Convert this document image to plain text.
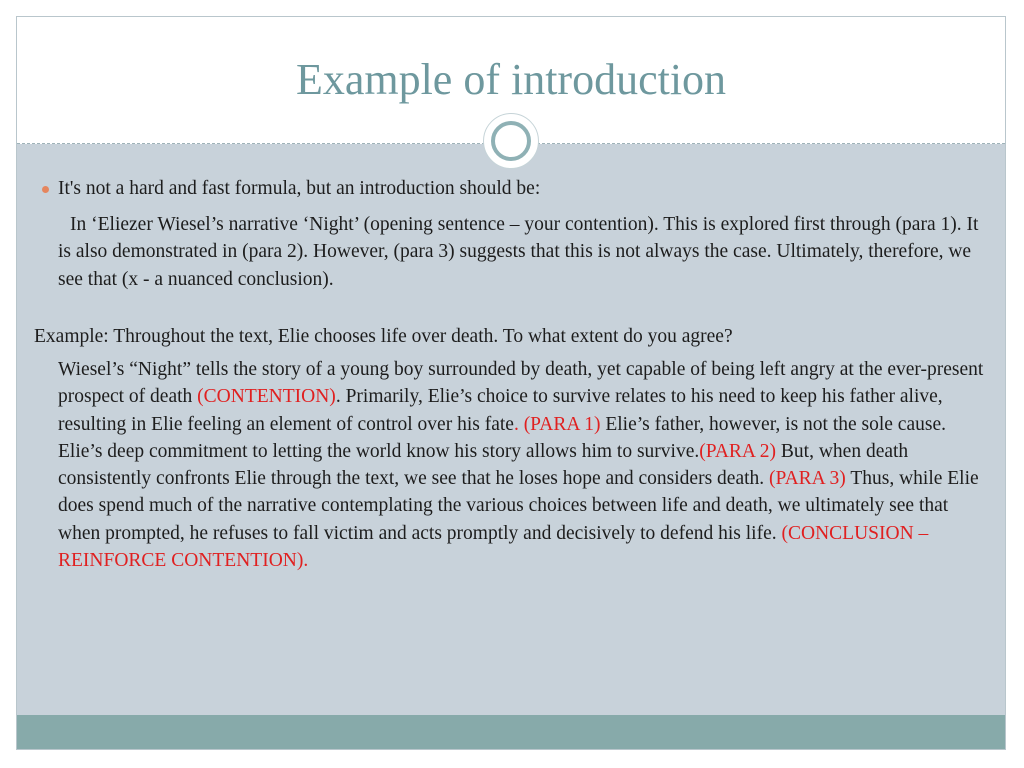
Example of introduction

It's not a hard and fast formula, but an introduction should be:

In ‘Eliezer Wiesel’s narrative ‘Night’ (opening sentence – your contention). This is explored first through (para 1). It is also demonstrated in (para 2). However, (para 3) suggests that this is not always the case. Ultimately, therefore, we see that (x - a nuanced conclusion).

Example: Throughout the text, Elie chooses life over death. To what extent do you agree?

Wiesel’s “Night” tells the story of a young boy surrounded by death, yet capable of being left angry at the ever-present prospect of death (CONTENTION). Primarily, Elie’s choice to survive relates to his need to keep his father alive, resulting in Elie feeling an element of control over his fate. (PARA 1) Elie’s father, however, is not the sole cause. Elie’s deep commitment to letting the world know his story allows him to survive.(PARA 2) But, when death consistently confronts Elie through the text, we see that he loses hope and considers death. (PARA 3) Thus, while Elie does spend much of the narrative contemplating the various choices between life and death, we ultimately see that when prompted, he refuses to fall victim and acts promptly and decisively to defend his life. (CONCLUSION – REINFORCE CONTENTION).
